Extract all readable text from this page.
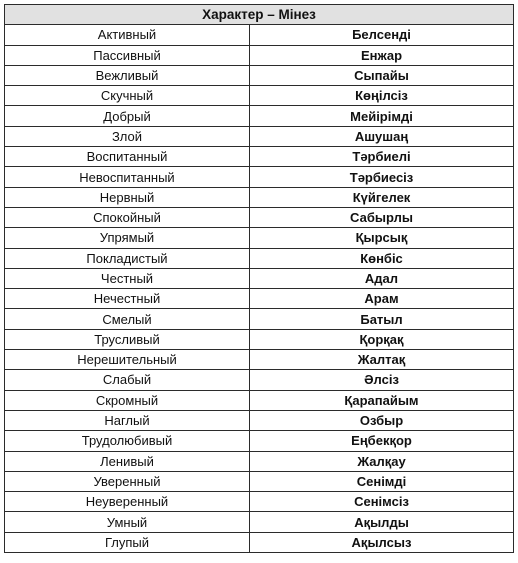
Характер – Мінез	
Активный	Белсенді
Пассивный	Енжар
Вежливый	Сыпайы
Скучный	Көңілсіз
Добрый	Мейірімді
Злой	Ашушаң
Воспитанный	Тәрбиелі
Невоспитанный	Тәрбиесіз
Нервный	Күйгелек
Спокойный	Сабырлы
Упрямый	Қырсық
Покладистый	Көнбіс
Честный	Адал
Нечестный	Арам
Смелый	Батыл
Трусливый	Қорқақ
Нерешительный	Жалтақ
Слабый	Әлсіз
Скромный	Қарапайым
Наглый	Озбыр
Трудолюбивый	Еңбекқор
Ленивый	Жалқау
Уверенный	Сенімді
Неуверенный	Сенімсіз
Умный	Ақылды
Глупый	Ақылсыз
